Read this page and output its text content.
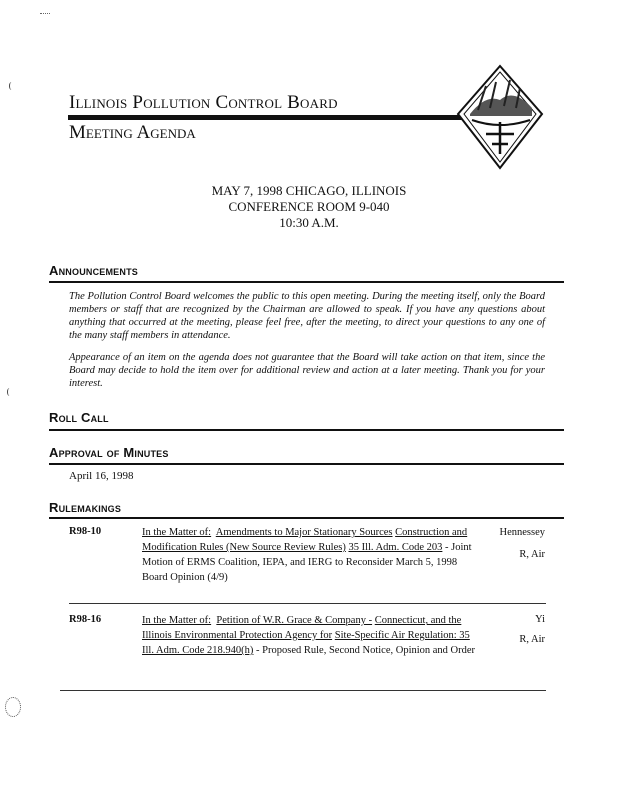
Illinois Pollution Control Board
Meeting Agenda
MAY 7, 1998 CHICAGO, ILLINOIS
CONFERENCE ROOM 9-040
10:30 A.M.
Announcements
The Pollution Control Board welcomes the public to this open meeting. During the meeting itself, only the Board members or staff that are recognized by the Chairman are allowed to speak. If you have any questions about anything that occurred at the meeting, please feel free, after the meeting, to direct your questions to any one of the many staff members in attendance.
Appearance of an item on the agenda does not guarantee that the Board will take action on that item, since the Board may decide to hold the item over for additional review and action at a later meeting. Thank you for your interest.
Roll Call
Approval of Minutes
April 16, 1998
Rulemakings
R98-10	In the Matter of: Amendments to Major Stationary Sources Construction and Modification Rules (New Source Review Rules) 35 Ill. Adm. Code 203 - Joint Motion of ERMS Coalition, IEPA, and IERG to Reconsider March 5, 1998 Board Opinion (4/9)
Hennessey
R, Air
R98-16	In the Matter of: Petition of W.R. Grace & Company - Connecticut, and the Illinois Environmental Protection Agency for Site-Specific Air Regulation: 35 Ill. Adm. Code 218.940(h) - Proposed Rule, Second Notice, Opinion and Order
Yi
R, Air
